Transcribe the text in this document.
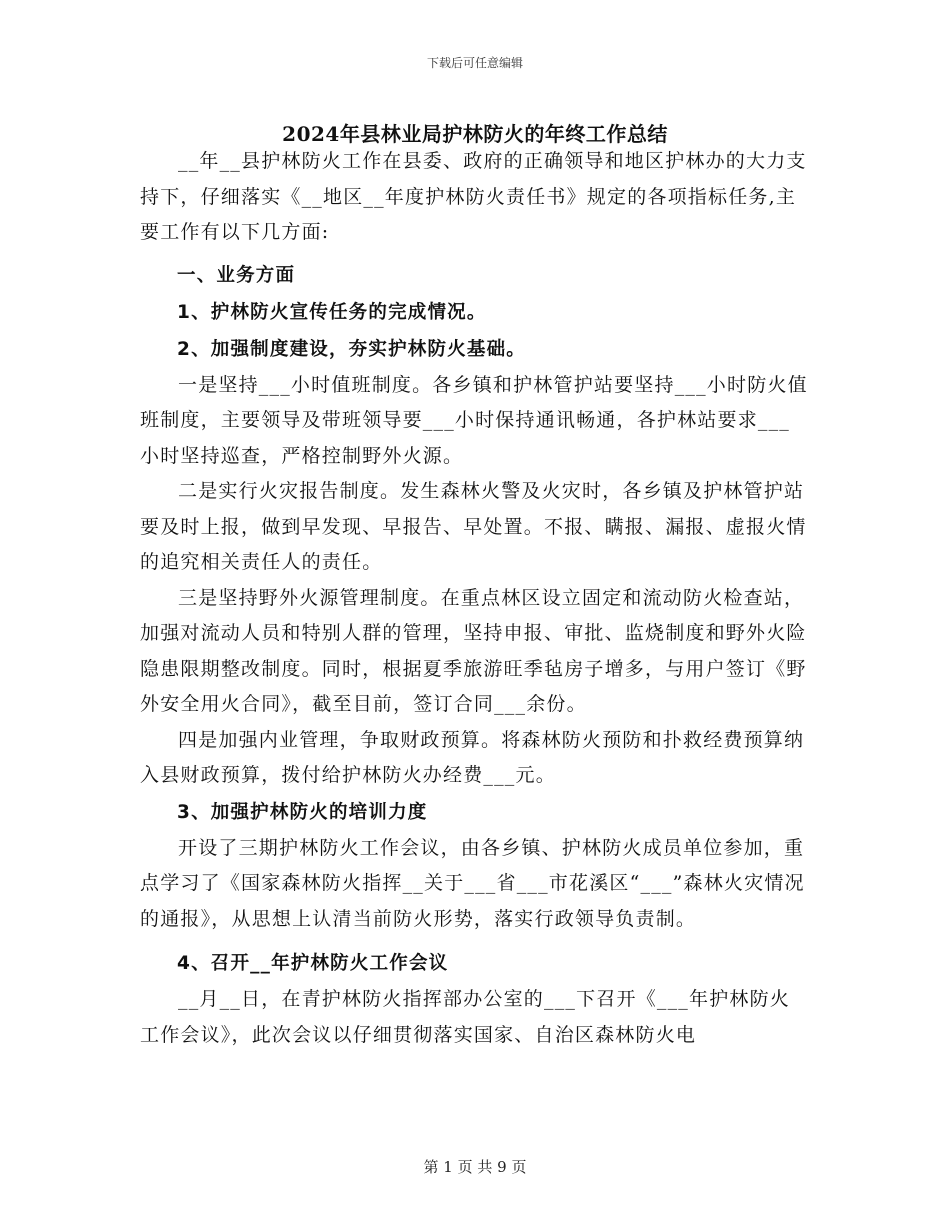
下载后可任意编辑
2024年县林业局护林防火的年终工作总结

__年__县护林防火工作在县委、政府的正确领导和地区护林办的大力支持下，仔细落实《__地区__年度护林防火责任书》规定的各项指标任务,主要工作有以下几方面:

一、业务方面

1、护林防火宣传任务的完成情况。

2、加强制度建设，夯实护林防火基础。

一是坚持___小时值班制度。各乡镇和护林管护站要坚持___小时防火值班制度，主要领导及带班领导要___小时保持通讯畅通，各护林站要求___小时坚持巡查，严格控制野外火源。

二是实行火灾报告制度。发生森林火警及火灾时，各乡镇及护林管护站要及时上报，做到早发现、早报告、早处置。不报、瞒报、漏报、虚报火情的追究相关责任人的责任。

三是坚持野外火源管理制度。在重点林区设立固定和流动防火检查站，加强对流动人员和特别人群的管理，坚持申报、审批、监烧制度和野外火险隐患限期整改制度。同时，根据夏季旅游旺季毡房子增多，与用户签订《野外安全用火合同》，截至目前，签订合同___余份。

四是加强内业管理，争取财政预算。将森林防火预防和扑救经费预算纳入县财政预算，拨付给护林防火办经费___元。

3、加强护林防火的培训力度

开设了三期护林防火工作会议，由各乡镇、护林防火成员单位参加，重点学习了《国家森林防火指挥__关于___省___市花溪区“___”森林火灾情况的通报》，从思想上认清当前防火形势，落实行政领导负责制。

4、召开__年护林防火工作会议

__月__日，在青护林防火指挥部办公室的___下召开《___年护林防火工作会议》，此次会议以仔细贯彻落实国家、自治区森林防火电

第 1 页 共 9 页
